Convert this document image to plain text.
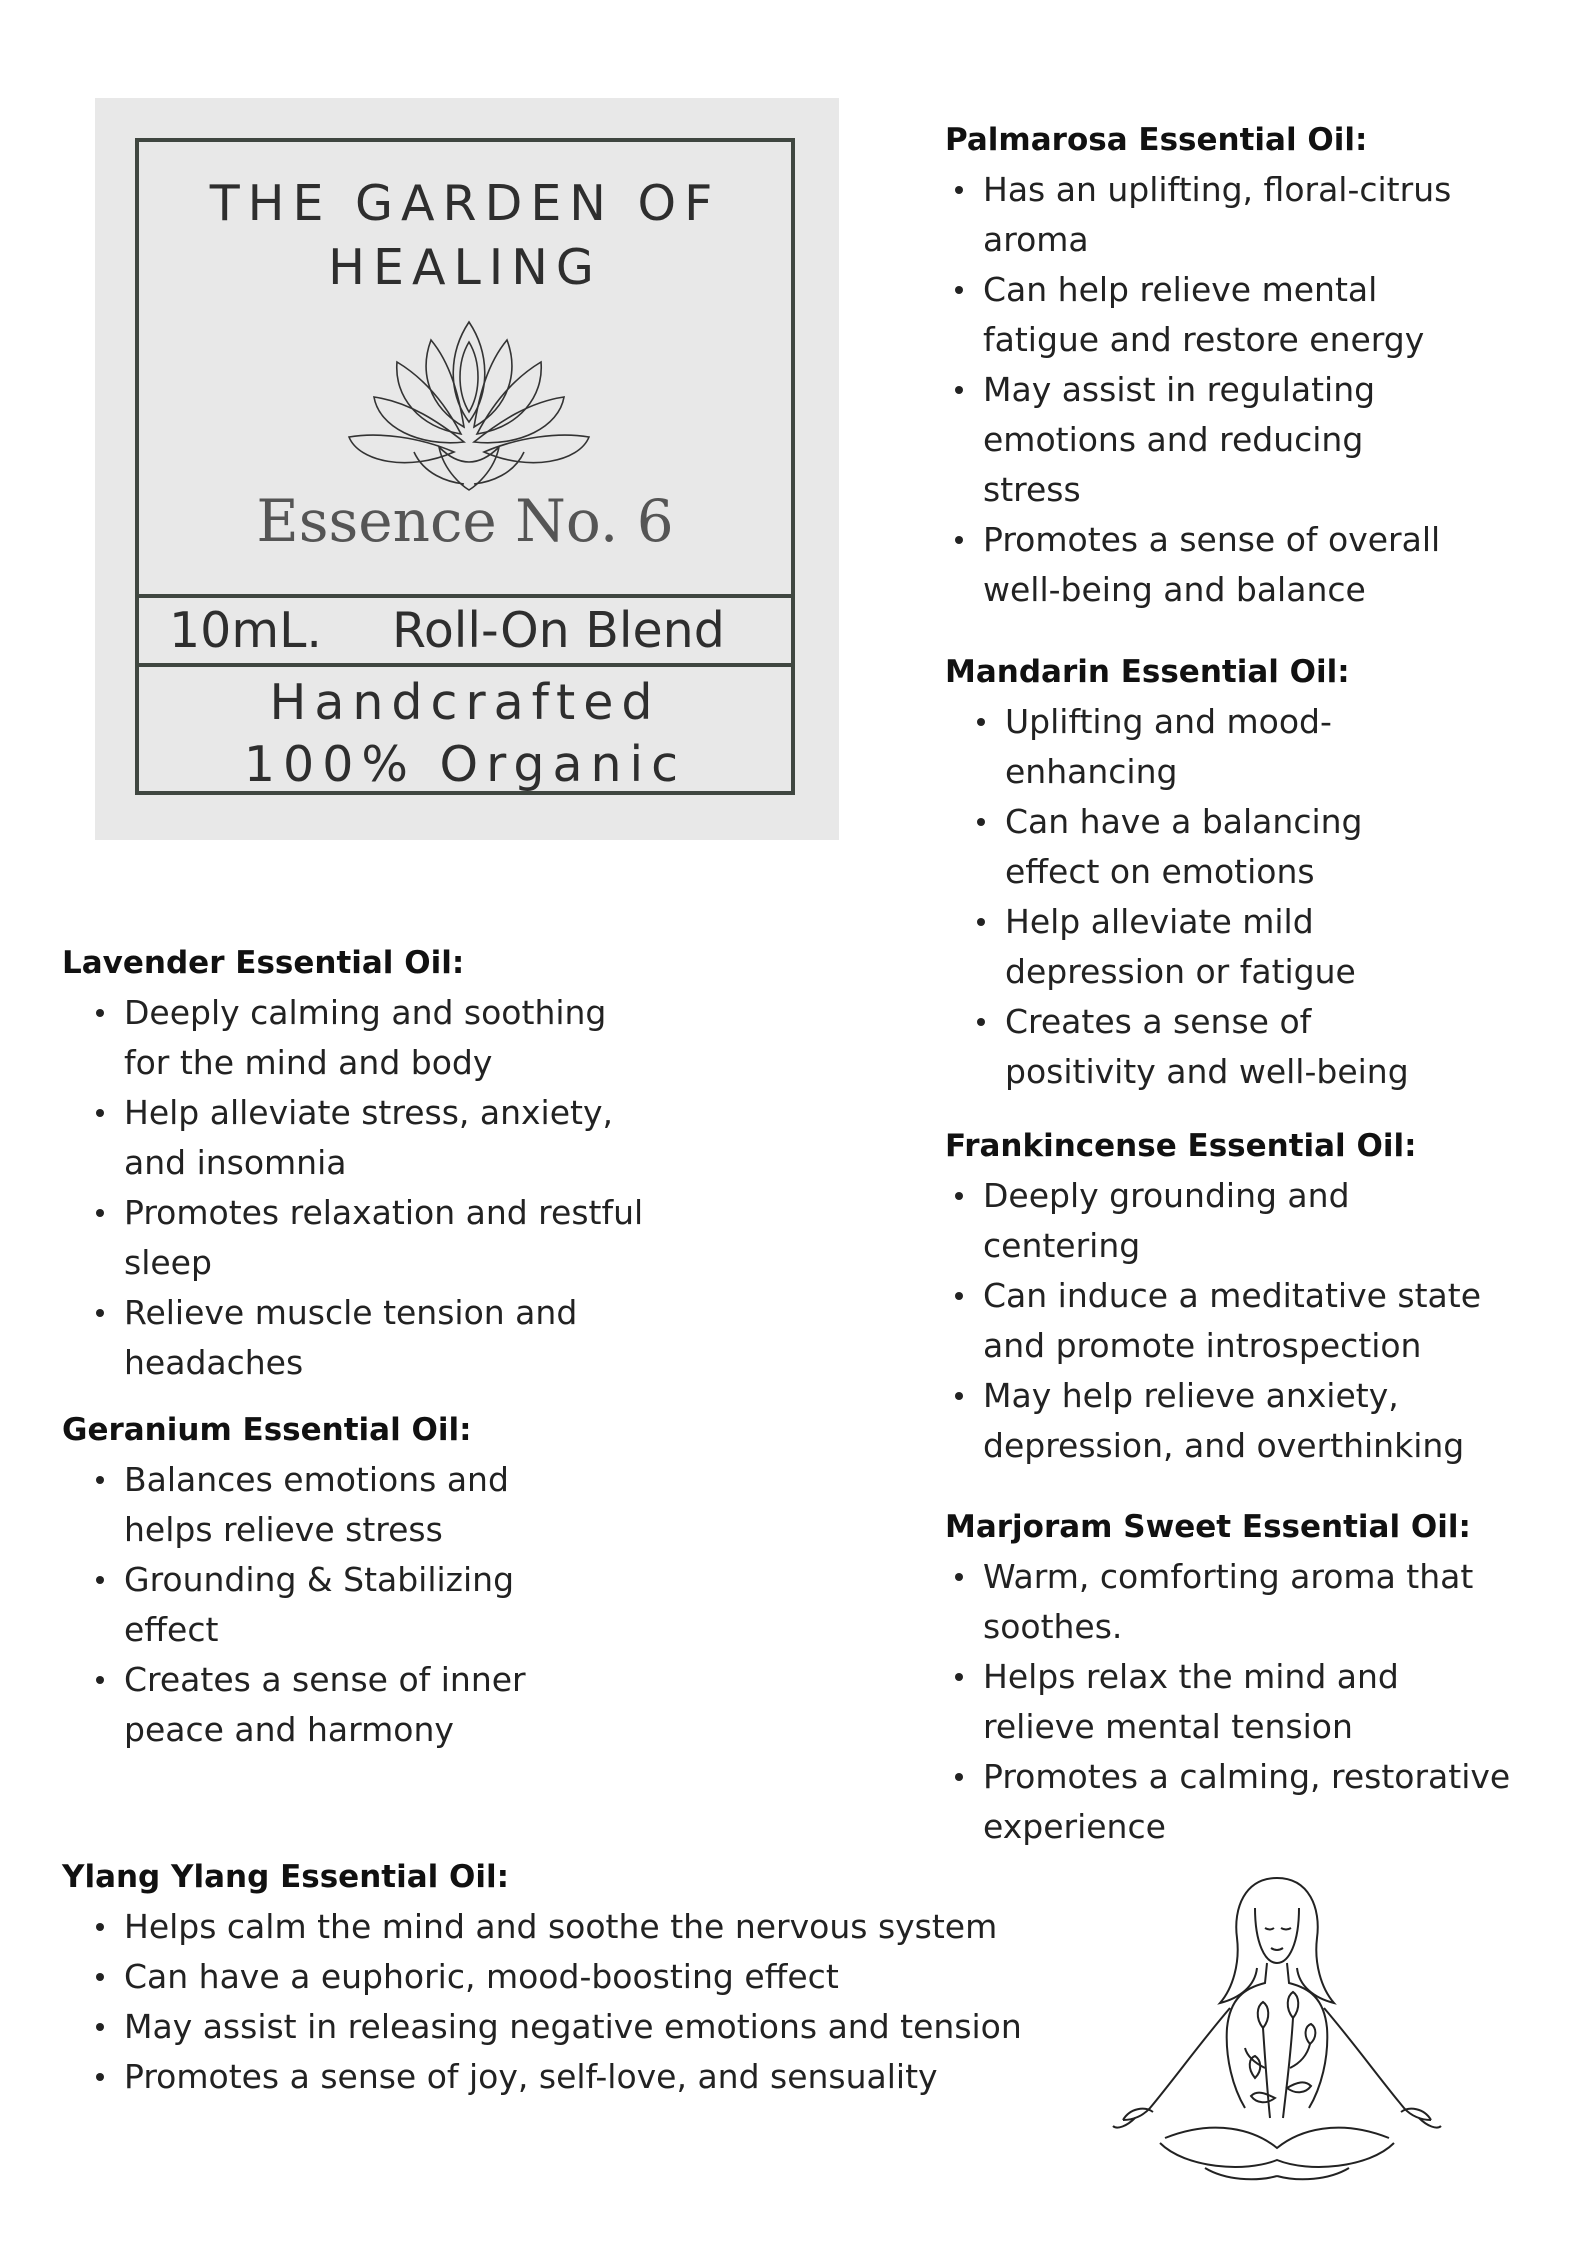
THE GARDEN OF
HEALING
Essence No. 6
10mL. Roll-On Blend
Handcrafted
100% Organic
Palmarosa Essential Oil:
Has an uplifting, floral-citrus aroma
Can help relieve mental fatigue and restore energy
May assist in regulating emotions and reducing stress
Promotes a sense of overall well-being and balance
Mandarin Essential Oil:
Uplifting and mood-enhancing
Can have a balancing effect on emotions
Help alleviate mild depression or fatigue
Creates a sense of positivity and well-being
Lavender Essential Oil:
Deeply calming and soothing for the mind and body
Help alleviate stress, anxiety, and insomnia
Promotes relaxation and restful sleep
Relieve muscle tension and headaches
Frankincense Essential Oil:
Deeply grounding and centering
Can induce a meditative state and promote introspection
May help relieve anxiety, depression, and overthinking
Geranium Essential Oil:
Balances emotions and helps relieve stress
Grounding & Stabilizing effect
Creates a sense of inner peace and harmony
Marjoram Sweet Essential Oil:
Warm, comforting aroma that soothes.
Helps relax the mind and relieve mental tension
Promotes a calming, restorative experience
Ylang Ylang Essential Oil:
Helps calm the mind and soothe the nervous system
Can have a euphoric, mood-boosting effect
May assist in releasing negative emotions and tension
Promotes a sense of joy, self-love, and sensuality
